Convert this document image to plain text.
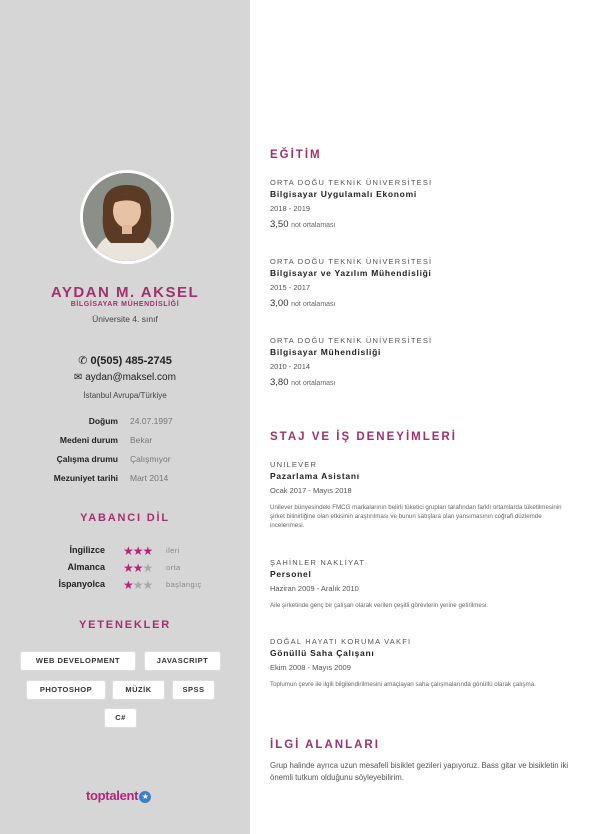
AYDAN M. AKSEL
BİLGİSAYAR MÜHENDİSLİĞİ
Üniversite 4. sınıf
✆ 0(505) 485-2745
✉ aydan@maksel.com
İstanbul Avrupa/Türkiye
Doğum 24.07.1997
Medeni durum Bekar
Çalışma drumu Çalışmıyor
Mezuniyet tarihi Mart 2014
YABANCI DİL
İngilizce ★★★ ileri
Almanca ★★★ orta
İspanyolca ★★★ başlangıç
YETENEKLER
WEB DEVELOPMENT	JAVASCRIPT
PHOTOSHOP	MÜZİK	SPSS
C#
toptalent ★
EĞİTİM
ORTA DOĞU TEKNİK ÜNİVERSİTESİ
Bilgisayar Uygulamalı Ekonomi
2018 - 2019
3,50 not ortalaması
ORTA DOĞU TEKNİK ÜNİVERSİTESİ
Bilgisayar ve Yazılım Mühendisliği
2015 - 2017
3,00 not ortalaması
ORTA DOĞU TEKNİK ÜNİVERSİTESİ
Bilgisayar Mühendisliği
2010 - 2014
3,80 not ortalaması
STAJ VE İŞ DENEYİMLERİ
UNILEVER
Pazarlama Asistanı
Ocak 2017 - Mayıs 2018
Unilever bünyesindeki FMCG markalarının belirli tüketici grupları tarafından farklı ortamlarda tüketilmesinin şirket bilinirliğine olan etkisinin araştırılması ve bunun satışlara olan yansımasının coğrafi düzlemde incelenmesi.
ŞAHİNLER NAKLİYAT
Personel
Haziran 2009 - Aralık 2010
Aile şirketinde genç bir çalışan olarak verilen çeşitli görevlerin yerine getirilmesi.
DOĞAL HAYATI KORUMA VAKFI
Gönüllü Saha Çalışanı
Ekim 2008 - Mayıs 2009
Toplumun çevre ile ilgili bilgilendirilmesini amaçlayan saha çalışmalarında gönüllü olarak çalışma.
İLGİ ALANLARI
Grup halinde ayrıca uzun mesafeli bisiklet gezileri yapıyoruz. Bass gitar ve bisikletin iki önemli tutkum olduğunu söyleyebilirim.
